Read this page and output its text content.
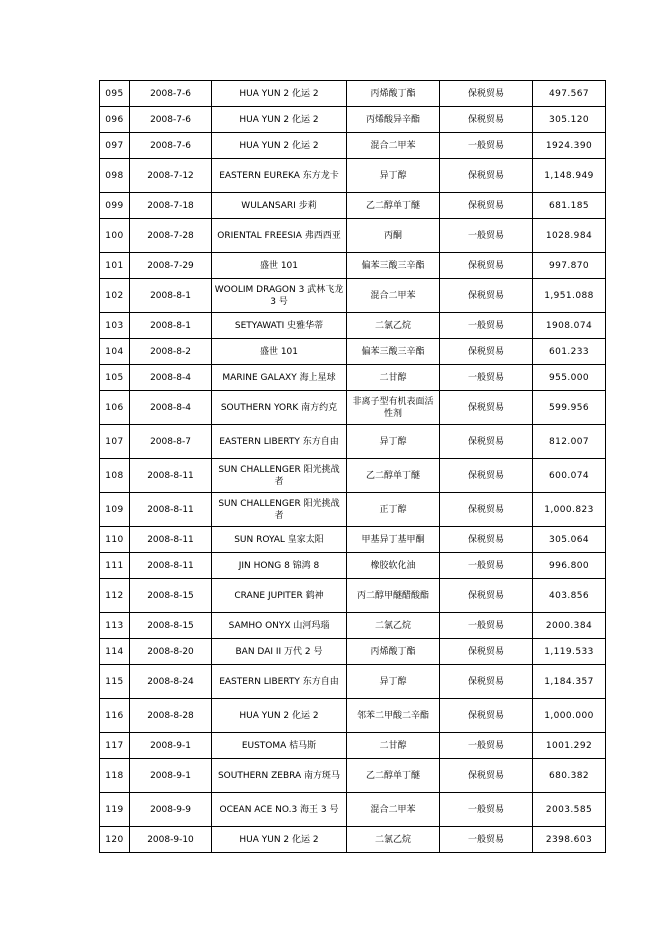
095	2008-7-6	HUA YUN 2 化运 2	丙烯酸丁酯	保税贸易	497.567
096	2008-7-6	HUA YUN 2 化运 2	丙烯酸异辛酯	保税贸易	305.120
097	2008-7-6	HUA YUN 2 化运 2	混合二甲苯	一般贸易	1924.390
098	2008-7-12	EASTERN EUREKA 东方龙卡	异丁醇	保税贸易	1,148.949
099	2008-7-18	WULANSARI 步莉	乙二醇单丁醚	保税贸易	681.185
100	2008-7-28	ORIENTAL FREESIA 弗西西亚	丙酮	一般贸易	1028.984
101	2008-7-29	盛世 101	偏苯三酸三辛酯	保税贸易	997.870
102	2008-8-1	WOOLIM DRAGON 3 武林飞龙 3 号	混合二甲苯	保税贸易	1,951.088
103	2008-8-1	SETYAWATI 史雅华蒂	二氯乙烷	一般贸易	1908.074
104	2008-8-2	盛世 101	偏苯三酸三辛酯	保税贸易	601.233
105	2008-8-4	MARINE GALAXY 海上星球	二甘醇	一般贸易	955.000
106	2008-8-4	SOUTHERN YORK 南方约克	非离子型有机表面活性剂	保税贸易	599.956
107	2008-8-7	EASTERN LIBERTY 东方自由	异丁醇	保税贸易	812.007
108	2008-8-11	SUN CHALLENGER 阳光挑战者	乙二醇单丁醚	保税贸易	600.074
109	2008-8-11	SUN CHALLENGER 阳光挑战者	正丁醇	保税贸易	1,000.823
110	2008-8-11	SUN ROYAL 皇家太阳	甲基异丁基甲酮	保税贸易	305.064
111	2008-8-11	JIN HONG 8 锦鸿 8	橡胶软化油	一般贸易	996.800
112	2008-8-15	CRANE JUPITER 鹤神	丙二醇甲醚醋酸酯	保税贸易	403.856
113	2008-8-15	SAMHO ONYX 山河玛瑙	二氯乙烷	一般贸易	2000.384
114	2008-8-20	BAN DAI II 万代 2 号	丙烯酸丁酯	保税贸易	1,119.533
115	2008-8-24	EASTERN LIBERTY 东方自由	异丁醇	保税贸易	1,184.357
116	2008-8-28	HUA YUN 2 化运 2	邻苯二甲酸二辛酯	保税贸易	1,000.000
117	2008-9-1	EUSTOMA 桔马斯	二甘醇	一般贸易	1001.292
118	2008-9-1	SOUTHERN ZEBRA 南方斑马	乙二醇单丁醚	保税贸易	680.382
119	2008-9-9	OCEAN ACE NO.3 海王 3 号	混合二甲苯	一般贸易	2003.585
120	2008-9-10	HUA YUN 2 化运 2	二氯乙烷	一般贸易	2398.603
